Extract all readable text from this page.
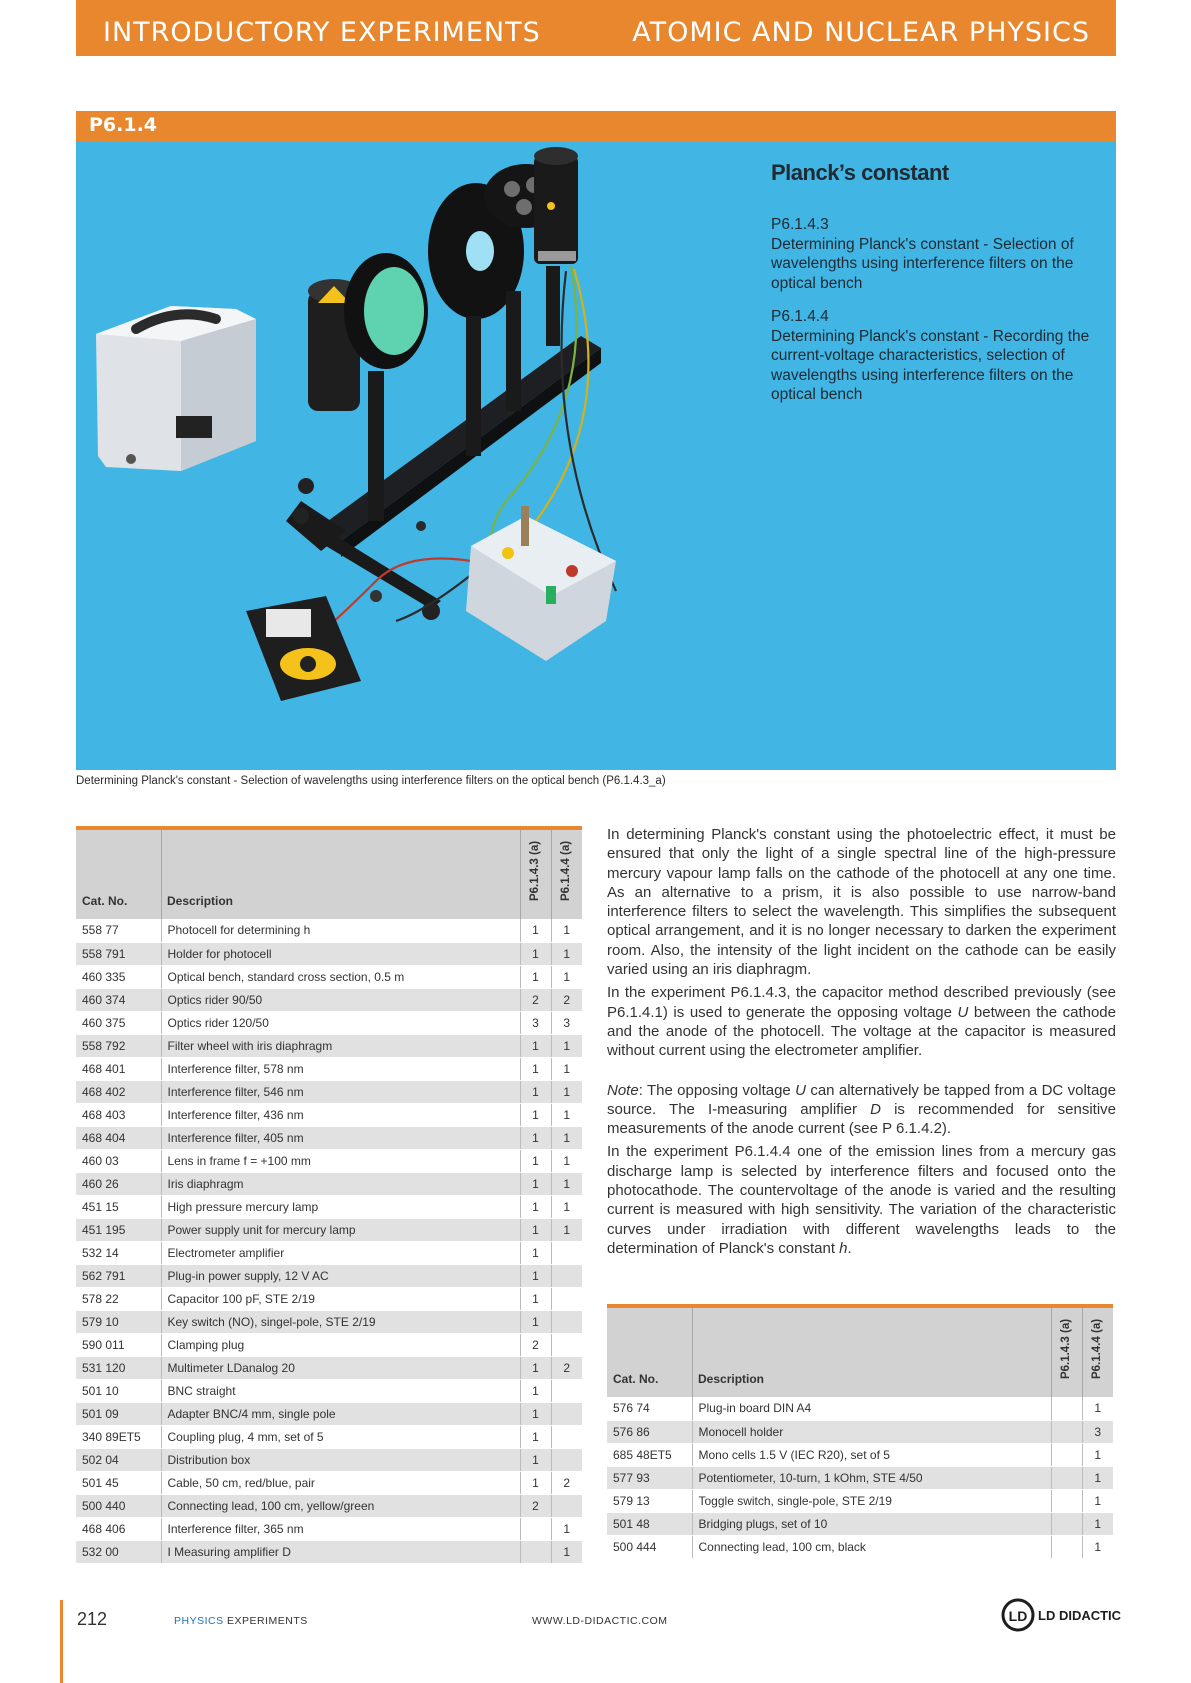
INTRODUCTORY EXPERIMENTS	ATOMIC AND NUCLEAR PHYSICS
P6.1.4
Planck’s constant
P6.1.4.3
Determining Planck's constant - Selection of wavelengths using interference filters on the optical bench
P6.1.4.4
Determining Planck's constant - Recording the current-voltage characteristics, selection of wavelengths using interference filters on the optical bench
Determining Planck's constant - Selection of wavelengths using interference filters on the optical bench (P6.1.4.3_a)
Cat. No.	Description	P6.1.4.3 (a) P6.1.4.4 (a)
558 77	Photocell for determining h	1	1
558 791	Holder for photocell	1	1
460 335	Optical bench, standard cross section, 0.5 m	1	1
460 374	Optics rider 90/50	2	2
460 375	Optics rider 120/50	3	3
558 792	Filter wheel with iris diaphragm	1	1
468 401	Interference filter, 578 nm	1	1
468 402	Interference filter, 546 nm	1	1
468 403	Interference filter, 436 nm	1	1
468 404	Interference filter, 405 nm	1	1
460 03	Lens in frame f = +100 mm	1	1
460 26	Iris diaphragm	1	1
451 15	High pressure mercury lamp	1	1
451 195	Power supply unit for mercury lamp	1	1
532 14	Electrometer amplifier	1	
562 791	Plug-in power supply, 12 V AC	1	
578 22	Capacitor 100 pF, STE 2/19	1	
579 10	Key switch (NO), singel-pole, STE 2/19	1	
590 011	Clamping plug	2	
531 120	Multimeter LDanalog 20	1	2
501 10	BNC straight	1	
501 09	Adapter BNC/4 mm, single pole	1	
340 89ET5	Coupling plug, 4 mm, set of 5	1	
502 04	Distribution box	1	
501 45	Cable, 50 cm, red/blue, pair	1	2
500 440	Connecting lead, 100 cm, yellow/green	2	
468 406	Interference filter, 365 nm		1
532 00	I Measuring amplifier D		1

In determining Planck's constant using the photoelectric effect, it must be ensured that only the light of a single spectral line of the high-pressure mercury vapour lamp falls on the cathode of the photocell at any one time. As an alternative to a prism, it is also possible to use narrow-band interference filters to select the wavelength. This simplifies the subsequent optical arrangement, and it is no longer necessary to darken the experiment room. Also, the intensity of the light incident on the cathode can be easily varied using an iris diaphragm.

In the experiment P6.1.4.3, the capacitor method described previously (see P6.1.4.1) is used to generate the opposing voltage U between the cathode and the anode of the photocell. The voltage at the capacitor is measured without current using the electrometer amplifier.

Note: The opposing voltage U can alternatively be tapped from a DC voltage source. The I-measuring amplifier D is recommended for sensitive measurements of the anode current (see P 6.1.4.2).

In the experiment P6.1.4.4 one of the emission lines from a mercury gas discharge lamp is selected by interference filters and focused onto the photocathode. The countervoltage of the anode is varied and the resulting current is measured with high sensitivity. The variation of the characteristic curves under irradiation with different wavelengths leads to the determination of Planck's constant h.

Cat. No.	Description	P6.1.4.3 (a) P6.1.4.4 (a)
576 74	Plug-in board DIN A4		1
576 86	Monocell holder		3
685 48ET5	Mono cells 1.5 V (IEC R20), set of 5		1
577 93	Potentiometer, 10-turn, 1 kOhm, STE 4/50		1
579 13	Toggle switch, single-pole, STE 2/19		1
501 48	Bridging plugs, set of 10		1
500 444	Connecting lead, 100 cm, black		1
212	PHYSICS EXPERIMENTS	WWW.LD-DIDACTIC.COM	LD LD DIDACTIC
